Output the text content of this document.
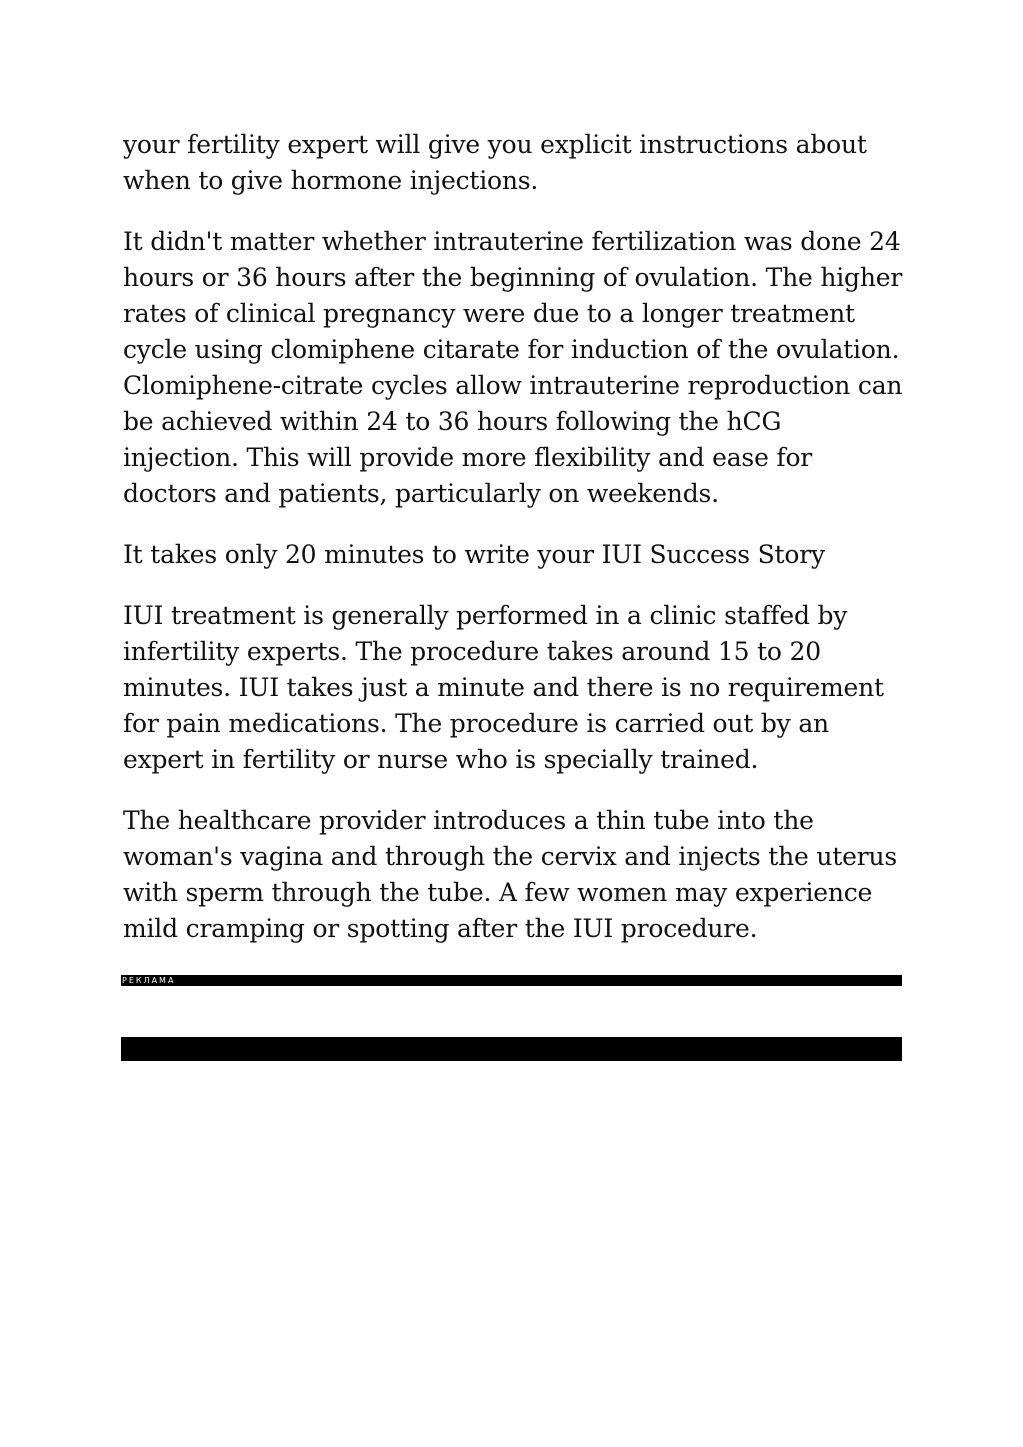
your fertility expert will give you explicit instructions about when to give hormone injections.

It didn't matter whether intrauterine fertilization was done 24 hours or 36 hours after the beginning of ovulation. The higher rates of clinical pregnancy were due to a longer treatment cycle using clomiphene citarate for induction of the ovulation. Clomiphene-citrate cycles allow intrauterine reproduction can be achieved within 24 to 36 hours following the hCG injection. This will provide more flexibility and ease for doctors and patients, particularly on weekends.

It takes only 20 minutes to write your IUI Success Story

IUI treatment is generally performed in a clinic staffed by infertility experts. The procedure takes around 15 to 20 minutes. IUI takes just a minute and there is no requirement for pain medications. The procedure is carried out by an expert in fertility or nurse who is specially trained.

The healthcare provider introduces a thin tube into the woman's vagina and through the cervix and injects the uterus with sperm through the tube. A few women may experience mild cramping or spotting after the IUI procedure.

РЕКЛАМА
